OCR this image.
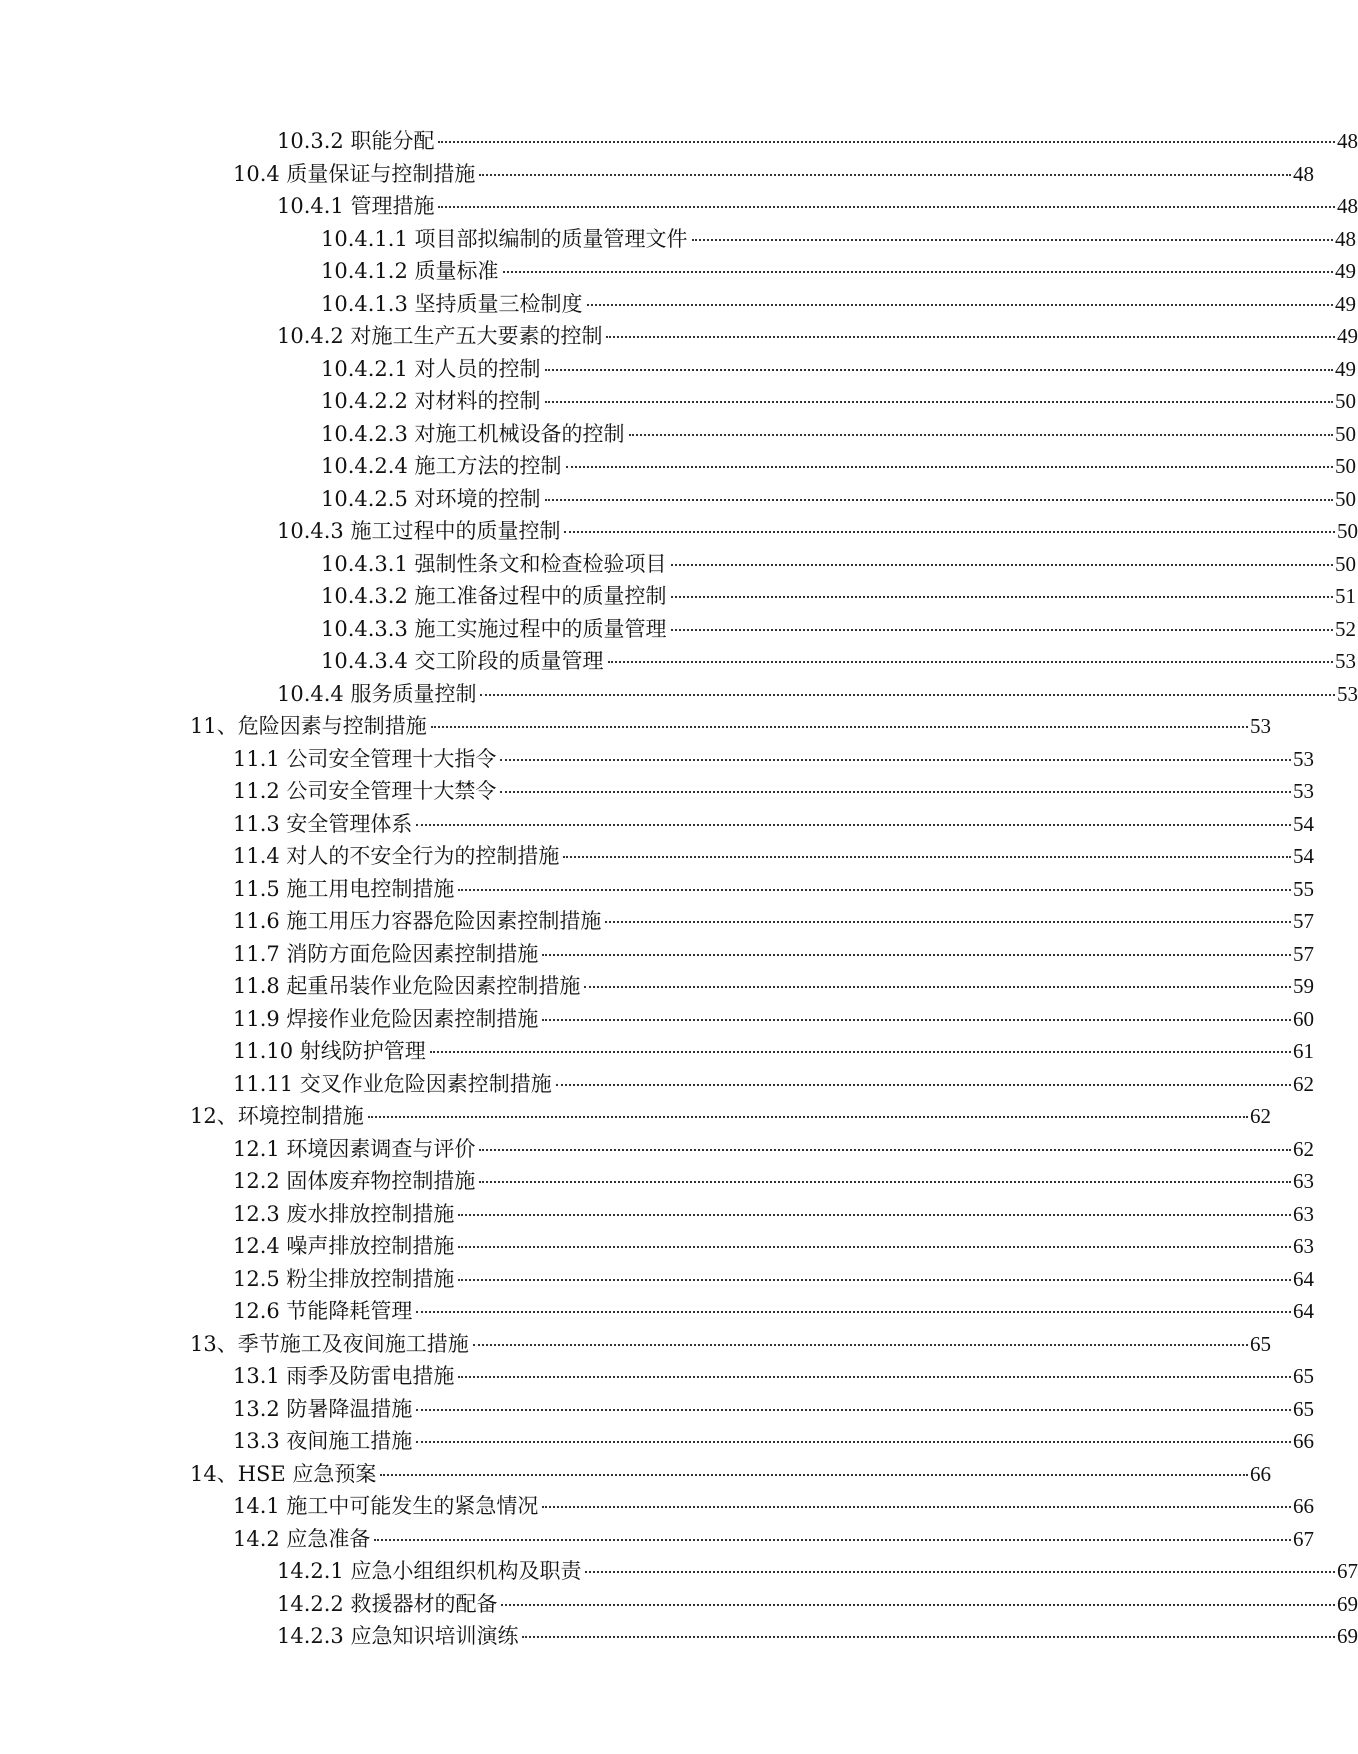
10.3.2 职能分配	48
10.4 质量保证与控制措施	48
10.4.1 管理措施	48
10.4.1.1 项目部拟编制的质量管理文件	48
10.4.1.2 质量标准	49
10.4.1.3 坚持质量三检制度	49
10.4.2 对施工生产五大要素的控制	49
10.4.2.1 对人员的控制	49
10.4.2.2 对材料的控制	50
10.4.2.3 对施工机械设备的控制	50
10.4.2.4 施工方法的控制	50
10.4.2.5 对环境的控制	50
10.4.3 施工过程中的质量控制	50
10.4.3.1 强制性条文和检查检验项目	50
10.4.3.2 施工准备过程中的质量控制	51
10.4.3.3 施工实施过程中的质量管理	52
10.4.3.4 交工阶段的质量管理	53
10.4.4 服务质量控制	53
11、危险因素与控制措施	53
11.1 公司安全管理十大指令	53
11.2 公司安全管理十大禁令	53
11.3 安全管理体系	54
11.4 对人的不安全行为的控制措施	54
11.5 施工用电控制措施	55
11.6 施工用压力容器危险因素控制措施	57
11.7 消防方面危险因素控制措施	57
11.8 起重吊装作业危险因素控制措施	59
11.9 焊接作业危险因素控制措施	60
11.10 射线防护管理	61
11.11 交叉作业危险因素控制措施	62
12、环境控制措施	62
12.1 环境因素调查与评价	62
12.2 固体废弃物控制措施	63
12.3 废水排放控制措施	63
12.4 噪声排放控制措施	63
12.5 粉尘排放控制措施	64
12.6 节能降耗管理	64
13、季节施工及夜间施工措施	65
13.1 雨季及防雷电措施	65
13.2 防暑降温措施	65
13.3 夜间施工措施	66
14、HSE 应急预案	66
14.1 施工中可能发生的紧急情况	66
14.2 应急准备	67
14.2.1 应急小组组织机构及职责	67
14.2.2 救援器材的配备	69
14.2.3 应急知识培训演练	69
